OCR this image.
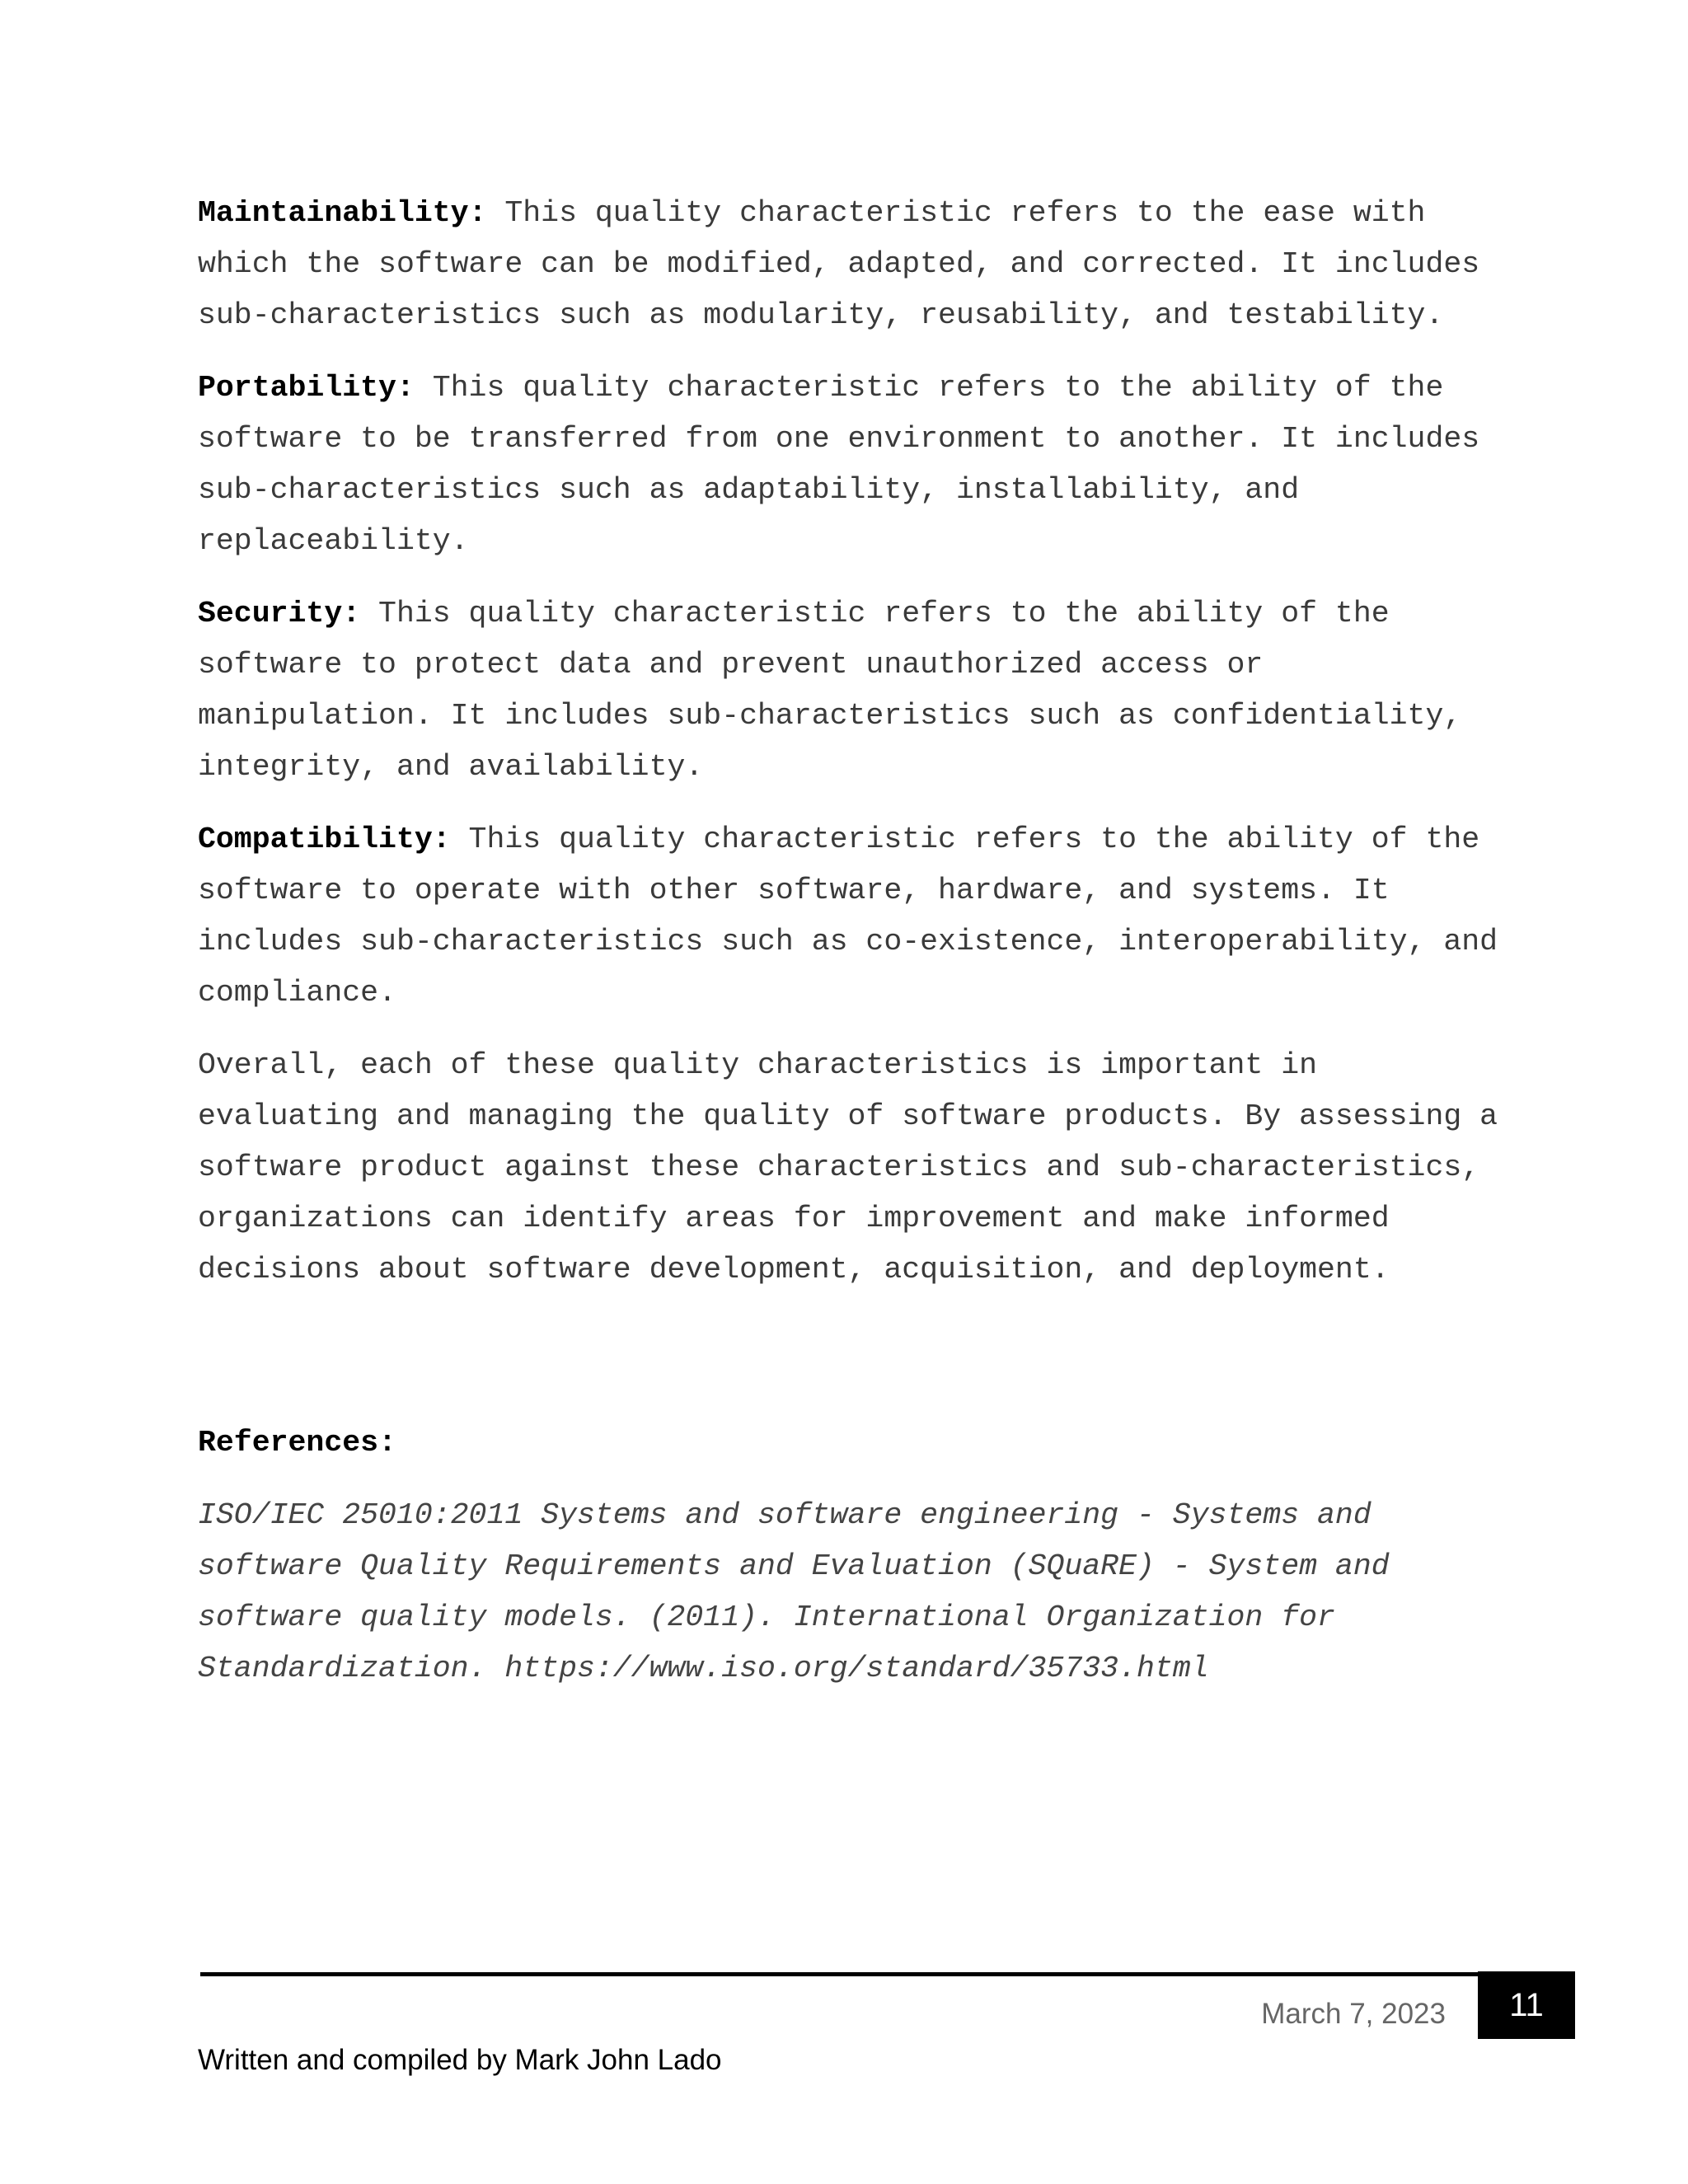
Maintainability: This quality characteristic refers to the ease with which the software can be modified, adapted, and corrected. It includes sub-characteristics such as modularity, reusability, and testability.

Portability: This quality characteristic refers to the ability of the software to be transferred from one environment to another. It includes sub-characteristics such as adaptability, installability, and replaceability.

Security: This quality characteristic refers to the ability of the software to protect data and prevent unauthorized access or manipulation. It includes sub-characteristics such as confidentiality, integrity, and availability.

Compatibility: This quality characteristic refers to the ability of the software to operate with other software, hardware, and systems. It includes sub-characteristics such as co-existence, interoperability, and compliance.

Overall, each of these quality characteristics is important in evaluating and managing the quality of software products. By assessing a software product against these characteristics and sub-characteristics, organizations can identify areas for improvement and make informed decisions about software development, acquisition, and deployment.

References:

ISO/IEC 25010:2011 Systems and software engineering - Systems and software Quality Requirements and Evaluation (SQuaRE) - System and software quality models. (2011). International Organization for Standardization. https://www.iso.org/standard/35733.html

March 7, 2023	11
Written and compiled by Mark John Lado
